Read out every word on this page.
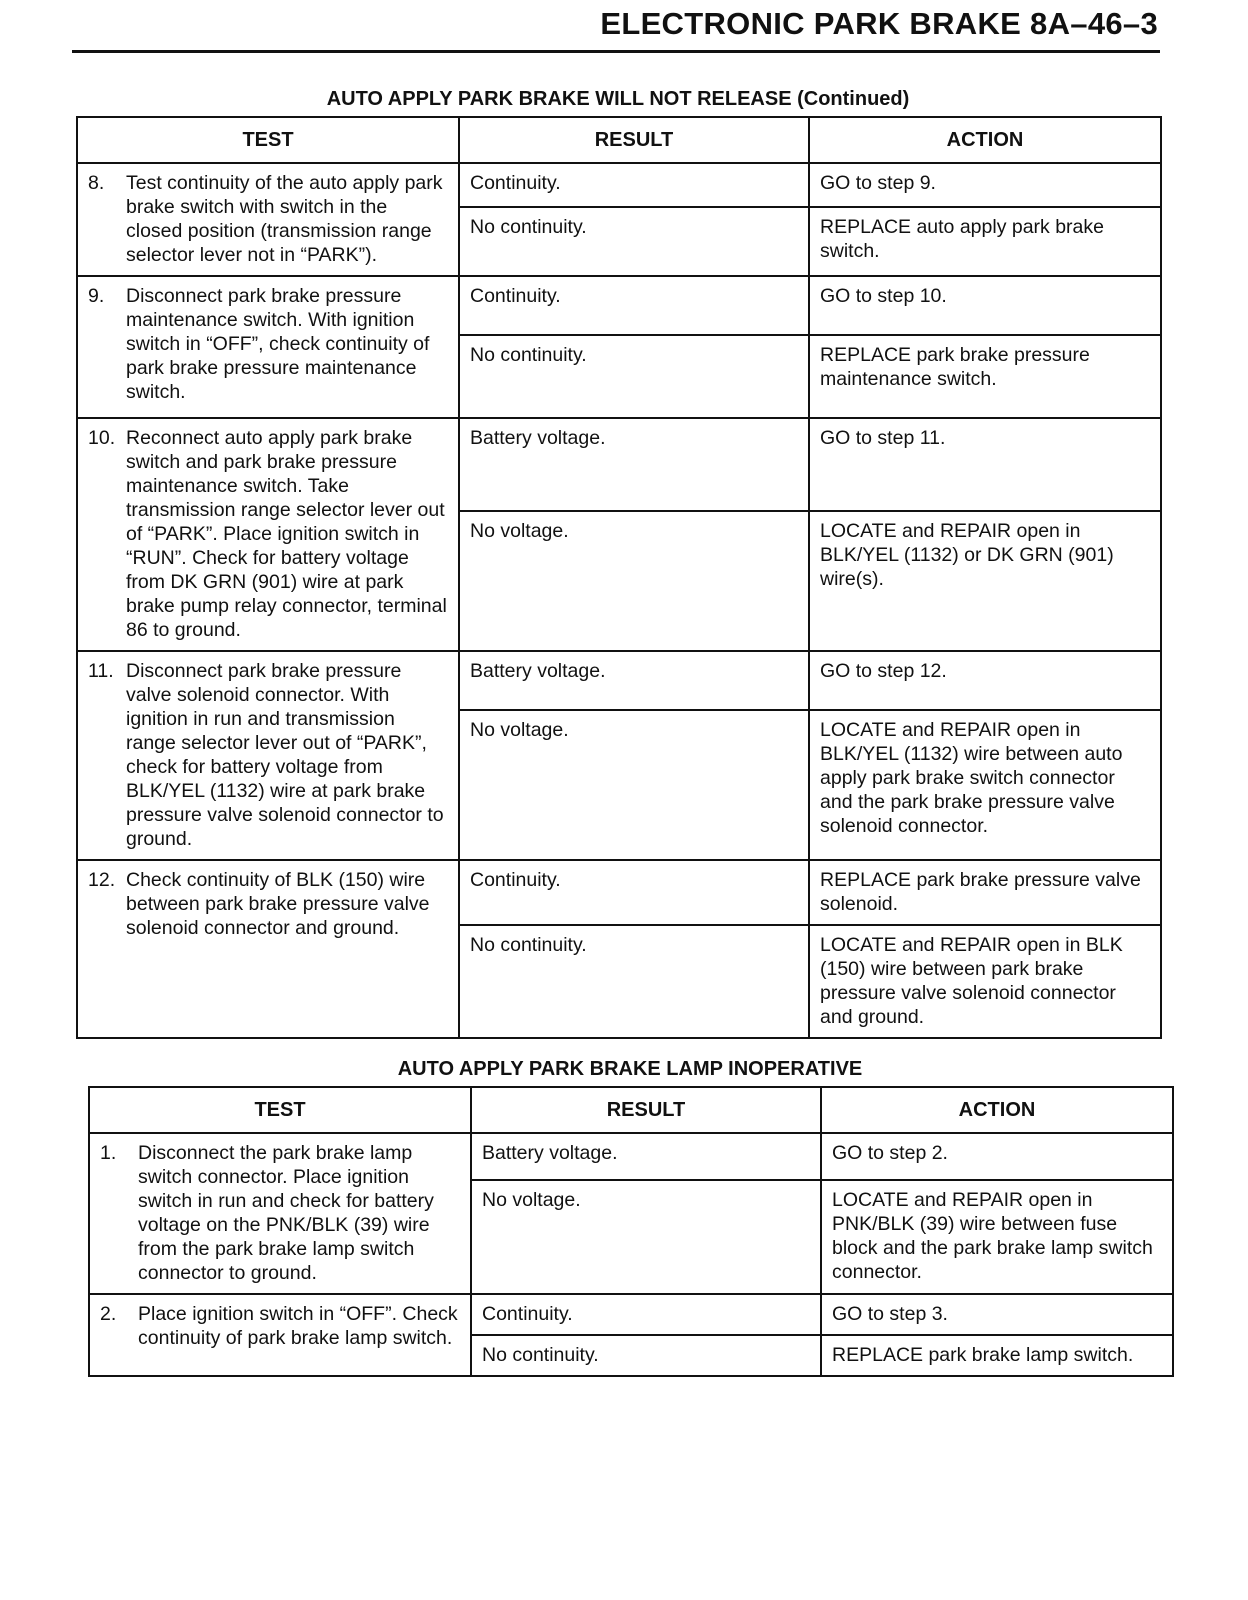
ELECTRONIC PARK BRAKE 8A–46–3
AUTO APPLY PARK BRAKE WILL NOT RELEASE (Continued)
TEST	RESULT	ACTION

8. Test continuity of the auto apply park brake switch with switch in the closed position (transmission range selector lever not in “PARK”).	Continuity.	GO to step 9.
	No continuity.	REPLACE auto apply park brake switch.

9. Disconnect park brake pressure maintenance switch. With ignition switch in “OFF”, check continuity of park brake pressure maintenance switch.	Continuity.	GO to step 10.
	No continuity.	REPLACE park brake pressure maintenance switch.

10. Reconnect auto apply park brake switch and park brake pressure maintenance switch. Take transmission range selector lever out of “PARK”. Place ignition switch in “RUN”. Check for battery voltage from DK GRN (901) wire at park brake pump relay connector, terminal 86 to ground.	Battery voltage.	GO to step 11.
	No voltage.	LOCATE and REPAIR open in BLK/YEL (1132) or DK GRN (901) wire(s).

11. Disconnect park brake pressure valve solenoid connector. With ignition in run and transmission range selector lever out of “PARK”, check for battery voltage from BLK/YEL (1132) wire at park brake pressure valve solenoid connector to ground.	Battery voltage.	GO to step 12.
	No voltage.	LOCATE and REPAIR open in BLK/YEL (1132) wire between auto apply park brake switch connector and the park brake pressure valve solenoid connector.

12. Check continuity of BLK (150) wire between park brake pressure valve solenoid connector and ground.	Continuity.	REPLACE park brake pressure valve solenoid.
	No continuity.	LOCATE and REPAIR open in BLK (150) wire between park brake pressure valve solenoid connector and ground.
AUTO APPLY PARK BRAKE LAMP INOPERATIVE
TEST	RESULT	ACTION

1. Disconnect the park brake lamp switch connector. Place ignition switch in run and check for battery voltage on the PNK/BLK (39) wire from the park brake lamp switch connector to ground.	Battery voltage.	GO to step 2.
	No voltage.	LOCATE and REPAIR open in PNK/BLK (39) wire between fuse block and the park brake lamp switch connector.

2. Place ignition switch in “OFF”. Check continuity of park brake lamp switch.	Continuity.	GO to step 3.
	No continuity.	REPLACE park brake lamp switch.
